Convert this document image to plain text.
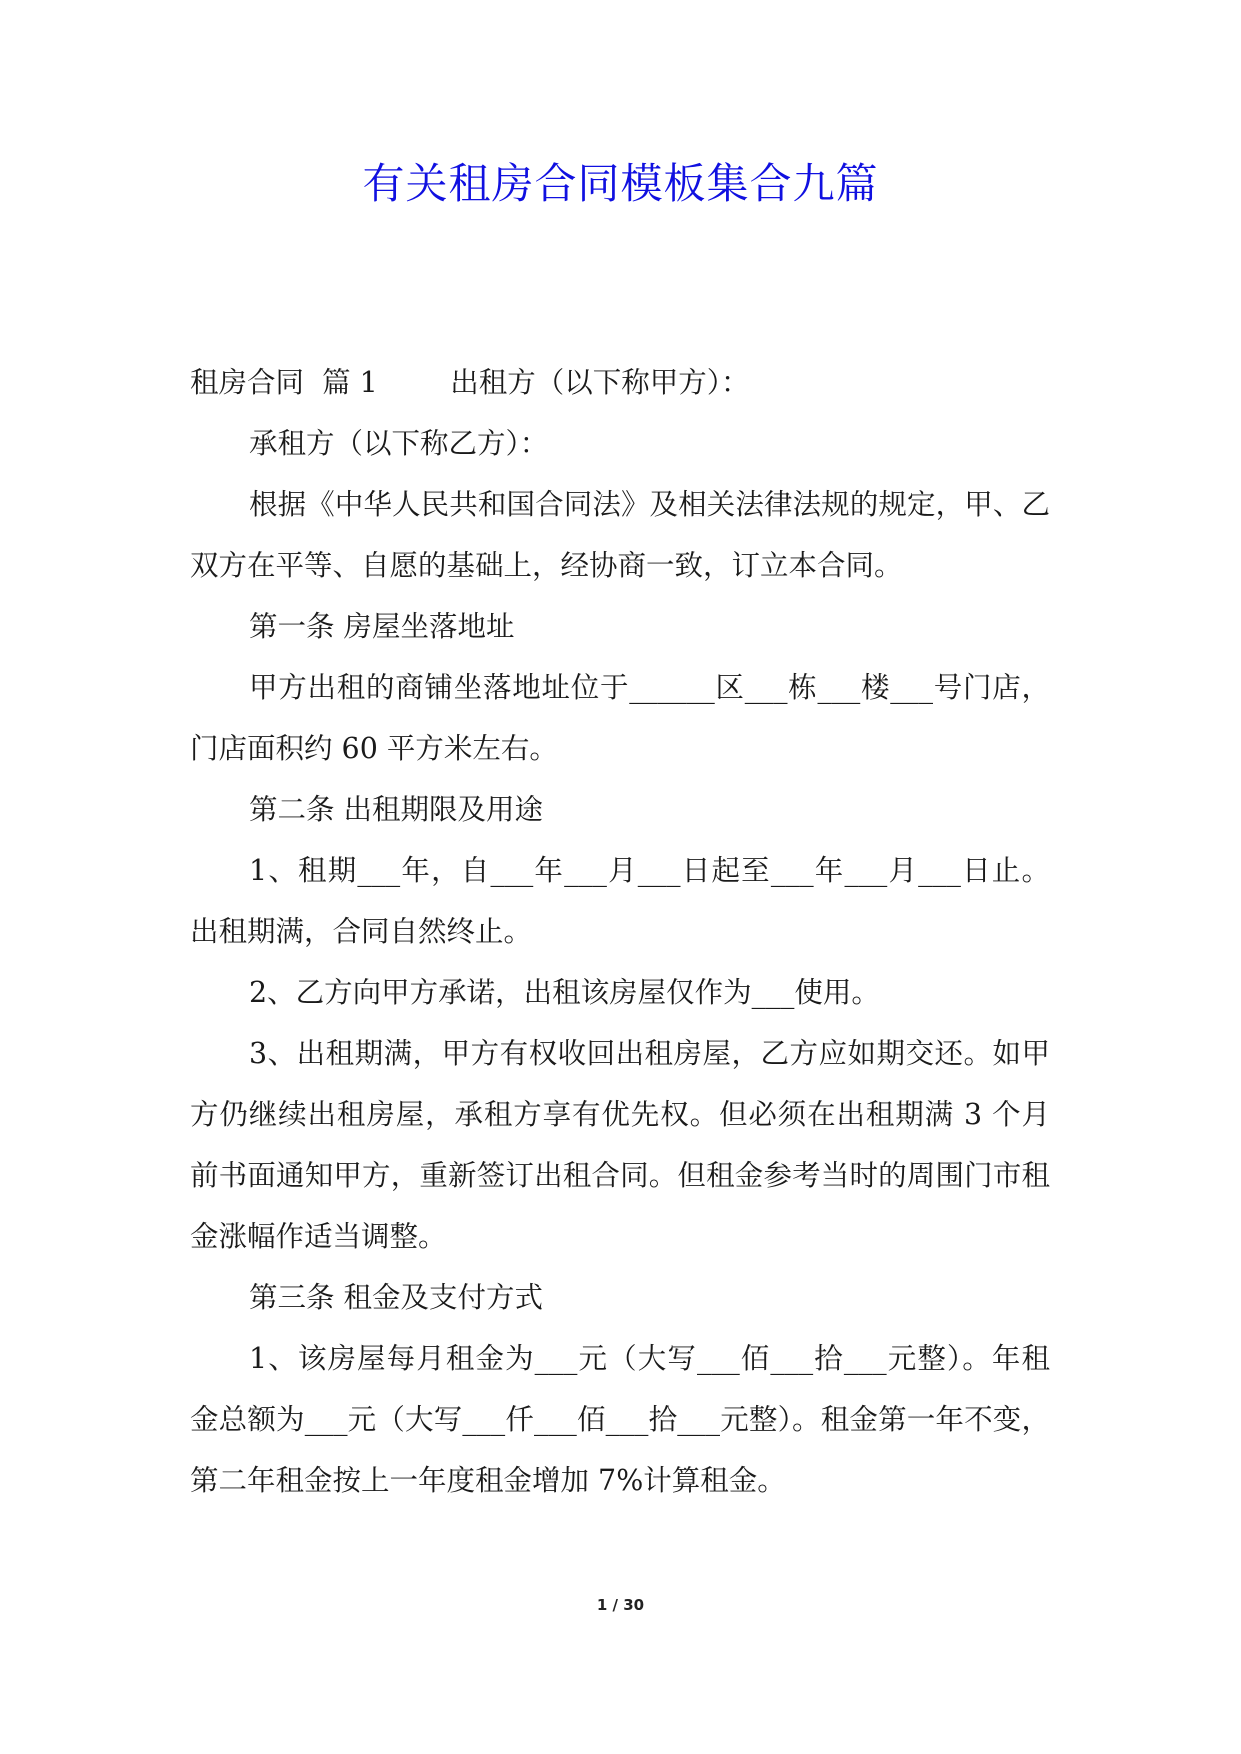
有关租房合同模板集合九篇

租房合同  篇 1        出租方（以下称甲方）：

承租方（以下称乙方）：

根据《中华人民共和国合同法》及相关法律法规的规定，甲、乙双方在平等、自愿的基础上，经协商一致，订立本合同。

第一条 房屋坐落地址

甲方出租的商铺坐落地址位于______区___栋___楼___号门店，门店面积约 60 平方米左右。

第二条 出租期限及用途

1、租期___年，自___年___月___日起至___年___月___日止。出租期满，合同自然终止。

2、乙方向甲方承诺，出租该房屋仅作为___使用。

3、出租期满，甲方有权收回出租房屋，乙方应如期交还。如甲方仍继续出租房屋，承租方享有优先权。但必须在出租期满 3 个月前书面通知甲方，重新签订出租合同。但租金参考当时的周围门市租金涨幅作适当调整。

第三条 租金及支付方式

1、该房屋每月租金为___元（大写___佰___拾___元整）。年租金总额为___元（大写___仟___佰___拾___元整）。租金第一年不变，第二年租金按上一年度租金增加 7%计算租金。

1 / 30
